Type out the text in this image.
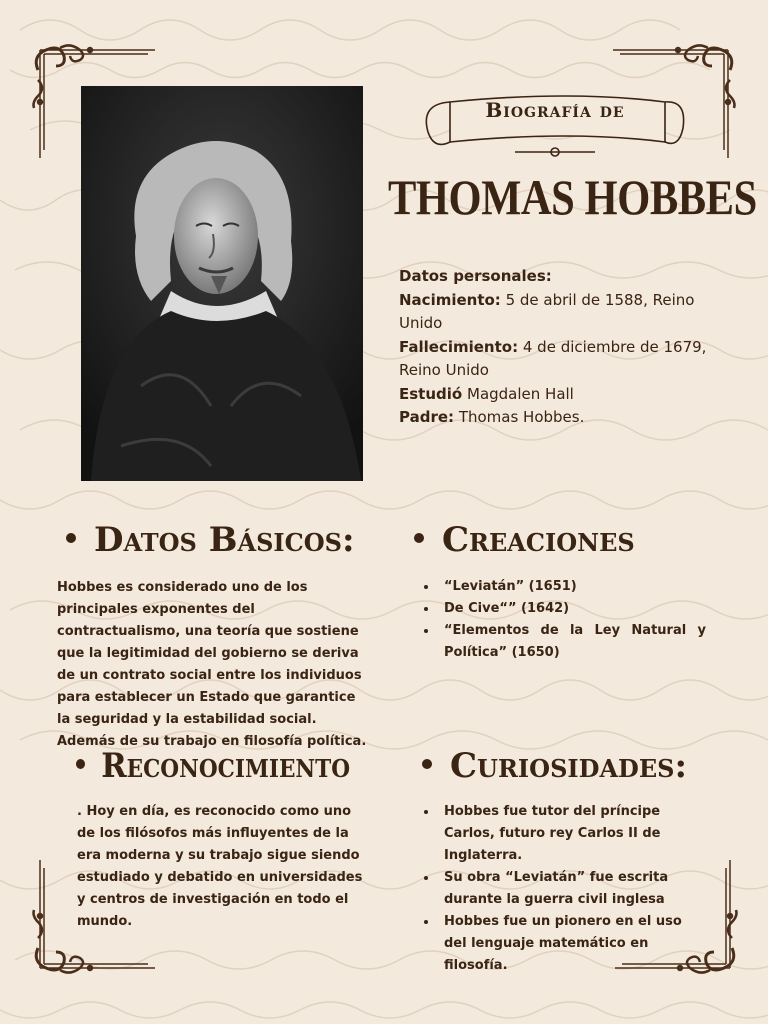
Biografía de
THOMAS HOBBES
Datos personales:
Nacimiento: 5 de abril de 1588, Reino Unido
Fallecimiento: 4 de diciembre de 1679, Reino Unido
Estudió Magdalen Hall
Padre: Thomas Hobbes.
Datos Básicos:	Creaciones
Reconocimiento	Curiosidades:
Hobbes es considerado uno de los principales exponentes del contractualismo, una teoría que sostiene que la legitimidad del gobierno se deriva de un contrato social entre los individuos para establecer un Estado que garantice la seguridad y la estabilidad social. Además de su trabajo en filosofía política.
• “Leviatán” (1651)
• De Cive“” (1642)
• “Elementos de la Ley Natural y Política” (1650)
. Hoy en día, es reconocido como uno de los filósofos más influyentes de la era moderna y su trabajo sigue siendo estudiado y debatido en universidades y centros de investigación en todo el mundo.
• Hobbes fue tutor del príncipe Carlos, futuro rey Carlos II de Inglaterra.
• Su obra “Leviatán” fue escrita durante la guerra civil inglesa
• Hobbes fue un pionero en el uso del lenguaje matemático en filosofía.
